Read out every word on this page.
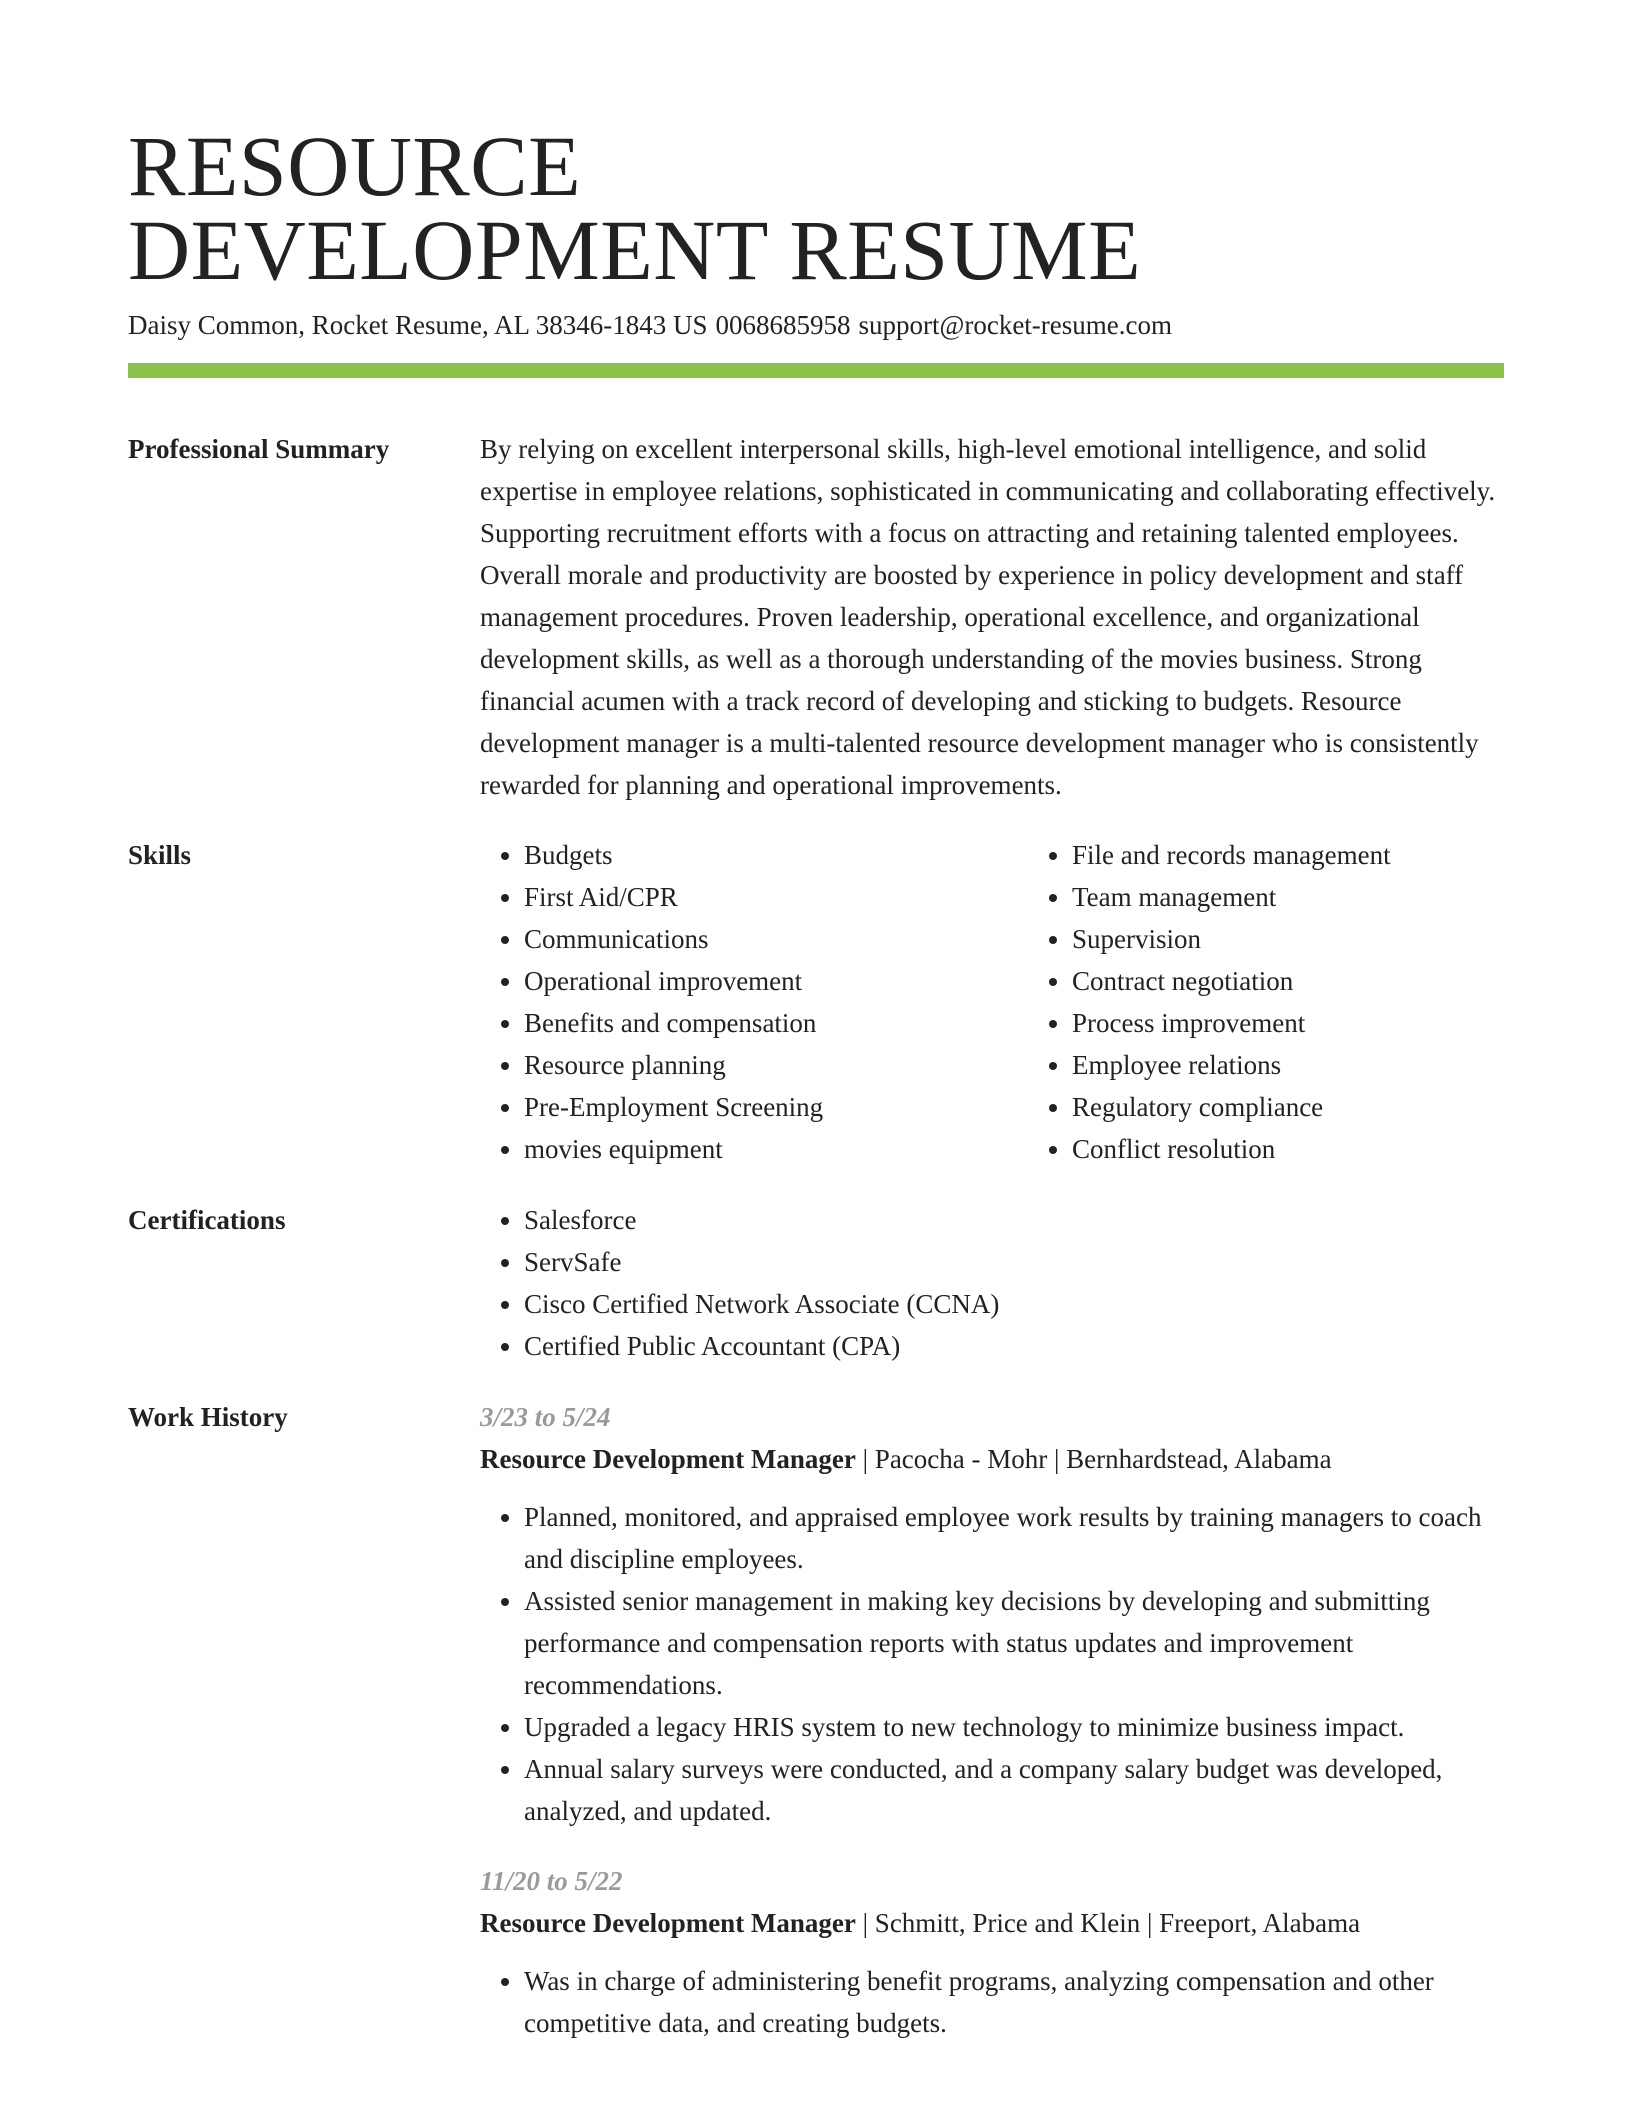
RESOURCE
DEVELOPMENT RESUME
Daisy Common, Rocket Resume, AL 38346-1843 US 0068685958 support@rocket-resume.com
Professional Summary	By relying on excellent interpersonal skills, high-level emotional intelligence, and solid expertise in employee relations, sophisticated in communicating and collaborating effectively. Supporting recruitment efforts with a focus on attracting and retaining talented employees. Overall morale and productivity are boosted by experience in policy development and staff management procedures. Proven leadership, operational excellence, and organizational development skills, as well as a thorough understanding of the movies business. Strong financial acumen with a track record of developing and sticking to budgets. Resource development manager is a multi-talented resource development manager who is consistently rewarded for planning and operational improvements.

Skills	• Budgets
• First Aid/CPR
• Communications
• Operational improvement
• Benefits and compensation
• Resource planning
• Pre-Employment Screening
• movies equipment
• File and records management
• Team management
• Supervision
• Contract negotiation
• Process improvement
• Employee relations
• Regulatory compliance
• Conflict resolution
Certifications	• Salesforce
• ServSafe
• Cisco Certified Network Associate (CCNA)
• Certified Public Accountant (CPA)
Work History	3/23 to 5/24
Resource Development Manager | Pacocha - Mohr | Bernhardstead, Alabama
• Planned, monitored, and appraised employee work results by training managers to coach and discipline employees.
• Assisted senior management in making key decisions by developing and submitting performance and compensation reports with status updates and improvement recommendations.
• Upgraded a legacy HRIS system to new technology to minimize business impact.
• Annual salary surveys were conducted, and a company salary budget was developed, analyzed, and updated.
11/20 to 5/22
Resource Development Manager | Schmitt, Price and Klein | Freeport, Alabama
• Was in charge of administering benefit programs, analyzing compensation and other competitive data, and creating budgets.
